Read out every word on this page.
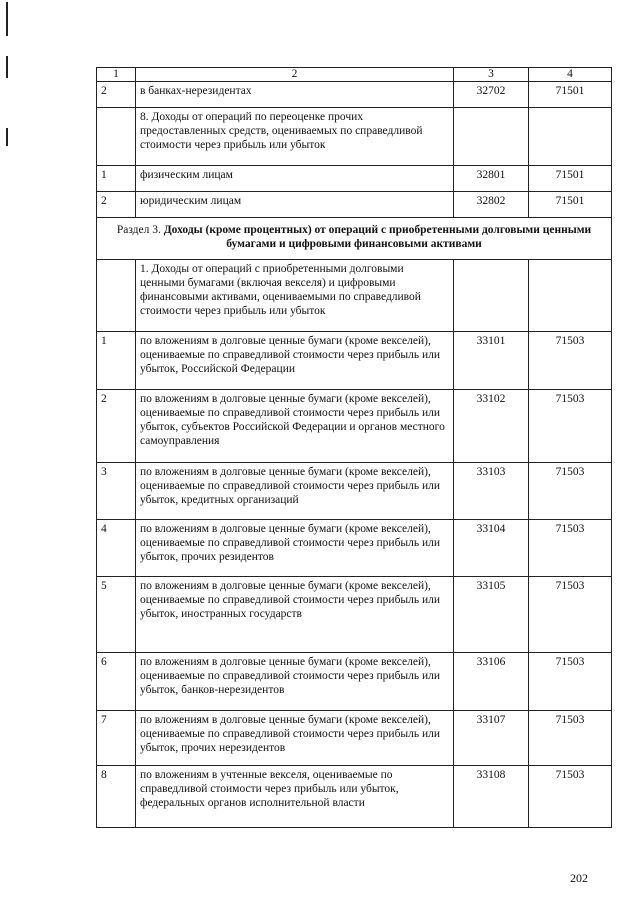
1	2	3	4
2	в банках-нерезидентах	32702	71501
	8. Доходы от операций по переоценке прочих предоставленных средств, оцениваемых по справедливой стоимости через прибыль или убыток		
1	физическим лицам	32801	71501
2	юридическим лицам	32802	71501
Раздел 3. Доходы (кроме процентных) от операций с приобретенными долговыми ценными бумагами и цифровыми финансовыми активами			
	1. Доходы от операций с приобретенными долговыми ценными бумагами (включая векселя) и цифровыми финансовыми активами, оцениваемыми по справедливой стоимости через прибыль или убыток		
1	по вложениям в долговые ценные бумаги (кроме векселей), оцениваемые по справедливой стоимости через прибыль или убыток, Российской Федерации	33101	71503
2	по вложениям в долговые ценные бумаги (кроме векселей), оцениваемые по справедливой стоимости через прибыль или убыток, субъектов Российской Федерации и органов местного самоуправления	33102	71503
3	по вложениям в долговые ценные бумаги (кроме векселей), оцениваемые по справедливой стоимости через прибыль или убыток, кредитных организаций	33103	71503
4	по вложениям в долговые ценные бумаги (кроме векселей), оцениваемые по справедливой стоимости через прибыль или убыток, прочих резидентов	33104	71503
5	по вложениям в долговые ценные бумаги (кроме векселей), оцениваемые по справедливой стоимости через прибыль или убыток, иностранных государств	33105	71503
6	по вложениям в долговые ценные бумаги (кроме векселей), оцениваемые по справедливой стоимости через прибыль или убыток, банков-нерезидентов	33106	71503
7	по вложениям в долговые ценные бумаги (кроме векселей), оцениваемые по справедливой стоимости через прибыль или убыток, прочих нерезидентов	33107	71503
8	по вложениям в учтенные векселя, оцениваемые по справедливой стоимости через прибыль или убыток, федеральных органов исполнительной власти	33108	71503
202
